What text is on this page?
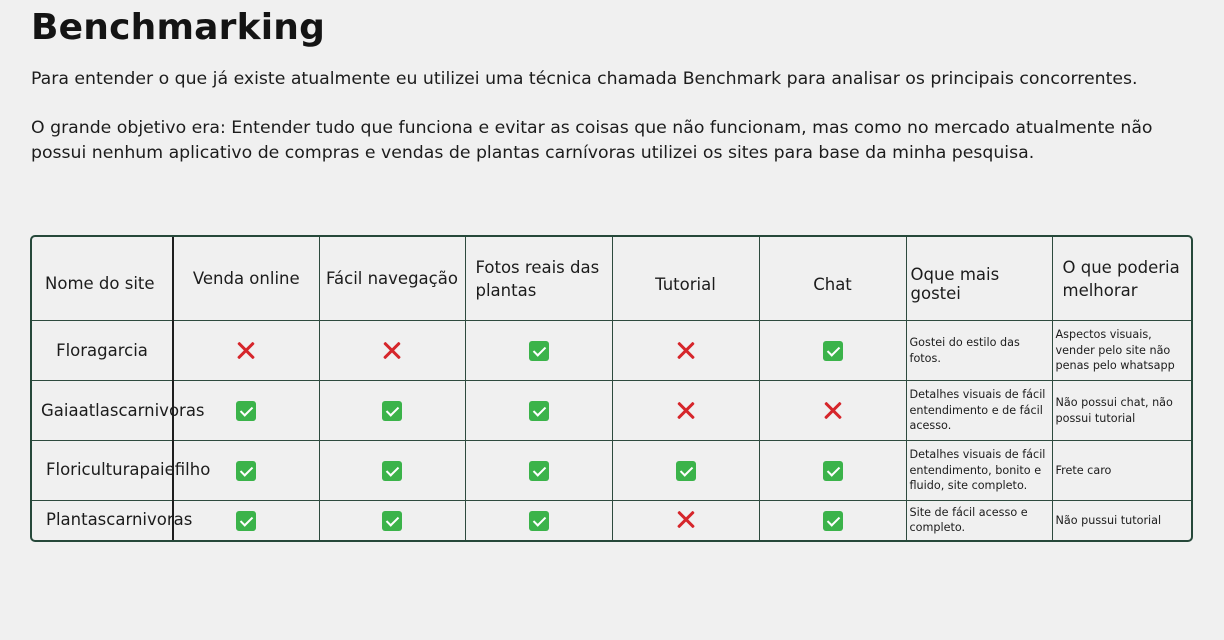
Benchmarking

Para entender o que já existe atualmente eu utilizei uma técnica chamada Benchmark para analisar os principais concorrentes.

O grande objetivo era: Entender tudo que funciona e evitar as coisas que não funcionam, mas como no mercado atualmente não possui nenhum aplicativo de compras e vendas de plantas carnívoras utilizei os sites para base da minha pesquisa.

Nome do site	Venda online	Fácil navegação	Fotos reais das plantas	Tutorial	Chat	Oque mais gostei	O que poderia melhorar
Floragarcia						Gostei do estilo das fotos.	Aspectos visuais, vender pelo site não penas pelo whatsapp
Gaiaatlascarnivoras						Detalhes visuais de fácil entendimento e de fácil acesso.	Não possui chat, não possui tutorial
Floriculturapaiefilho						Detalhes visuais de fácil entendimento, bonito e fluido, site completo.	Frete caro
Plantascarnivoras						Site de fácil acesso e completo.	Não pussui tutorial
